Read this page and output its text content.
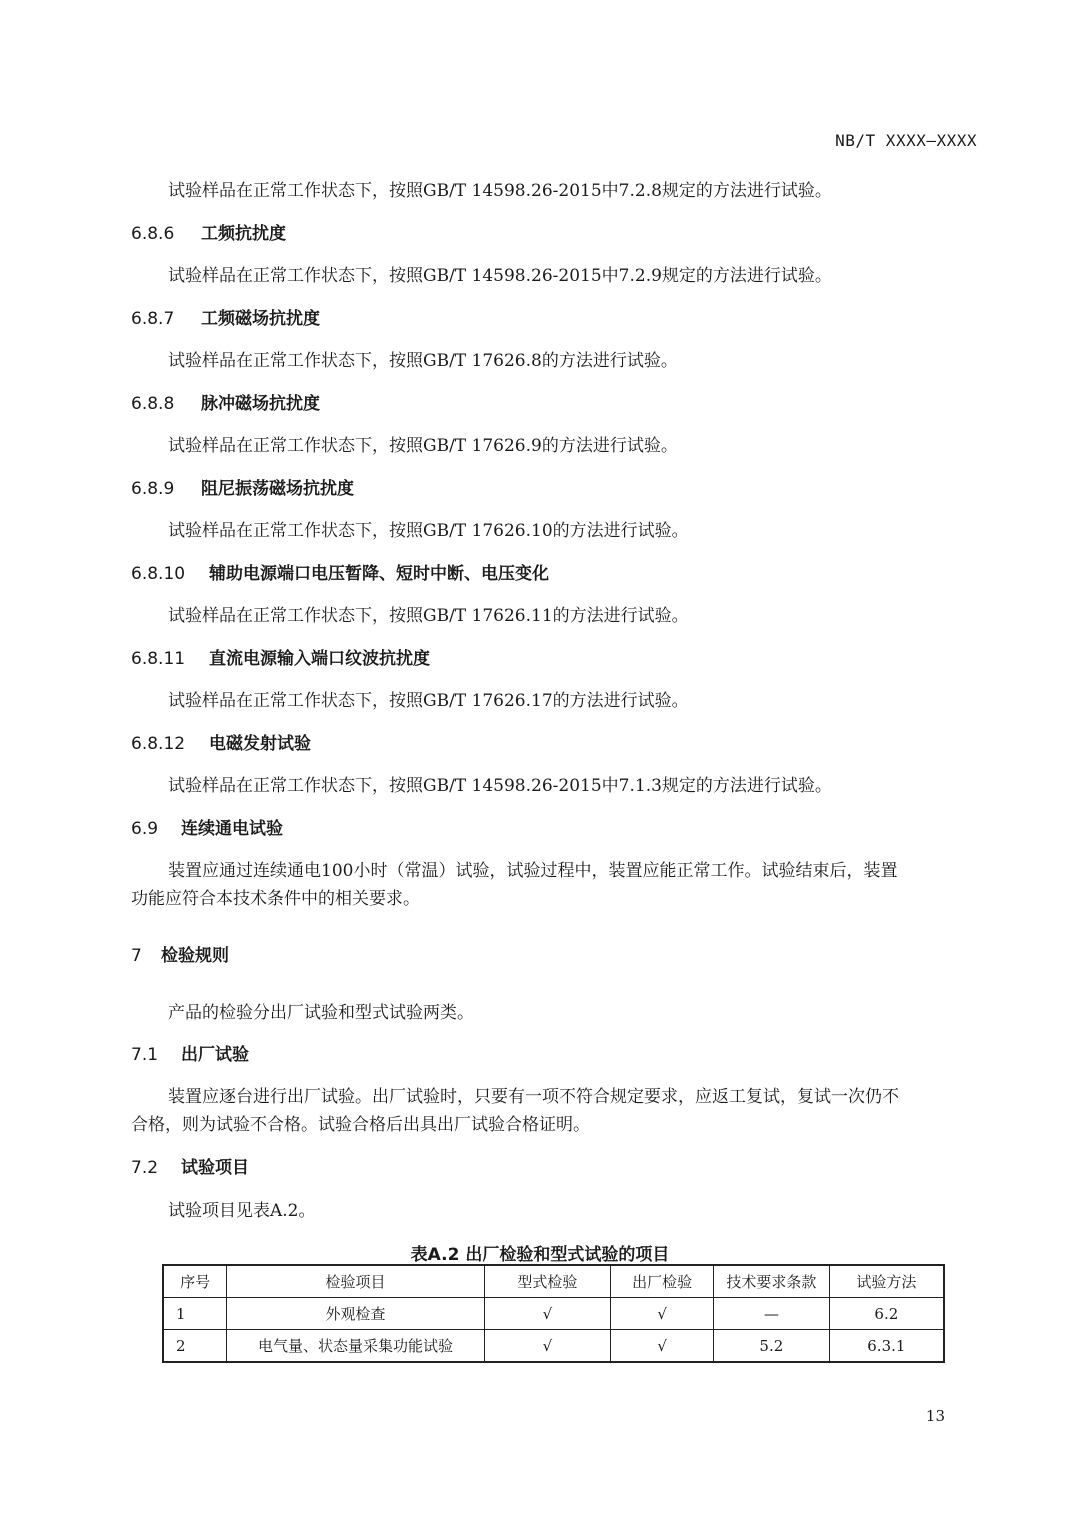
NB/T XXXX—XXXX
试验样品在正常工作状态下，按照GB/T 14598.26-2015中7.2.8规定的方法进行试验。
6.8.6 工频抗扰度
试验样品在正常工作状态下，按照GB/T 14598.26-2015中7.2.9规定的方法进行试验。
6.8.7 工频磁场抗扰度
试验样品在正常工作状态下，按照GB/T 17626.8的方法进行试验。
6.8.8 脉冲磁场抗扰度
试验样品在正常工作状态下，按照GB/T 17626.9的方法进行试验。
6.8.9 阻尼振荡磁场抗扰度
试验样品在正常工作状态下，按照GB/T 17626.10的方法进行试验。
6.8.10 辅助电源端口电压暂降、短时中断、电压变化
试验样品在正常工作状态下，按照GB/T 17626.11的方法进行试验。
6.8.11 直流电源输入端口纹波抗扰度
试验样品在正常工作状态下，按照GB/T 17626.17的方法进行试验。
6.8.12 电磁发射试验
试验样品在正常工作状态下，按照GB/T 14598.26-2015中7.1.3规定的方法进行试验。
6.9 连续通电试验
装置应通过连续通电100小时（常温）试验，试验过程中，装置应能正常工作。试验结束后，装置
功能应符合本技术条件中的相关要求。
7 检验规则
产品的检验分出厂试验和型式试验两类。
7.1 出厂试验
装置应逐台进行出厂试验。出厂试验时，只要有一项不符合规定要求，应返工复试，复试一次仍不
合格，则为试验不合格。试验合格后出具出厂试验合格证明。
7.2 试验项目
试验项目见表A.2。
表A.2 出厂检验和型式试验的项目
序号	检验项目	型式检验	出厂检验	技术要求条款	试验方法
1	外观检查	√	√	—	6.2
2	电气量、状态量采集功能试验	√	√	5.2	6.3.1
13
